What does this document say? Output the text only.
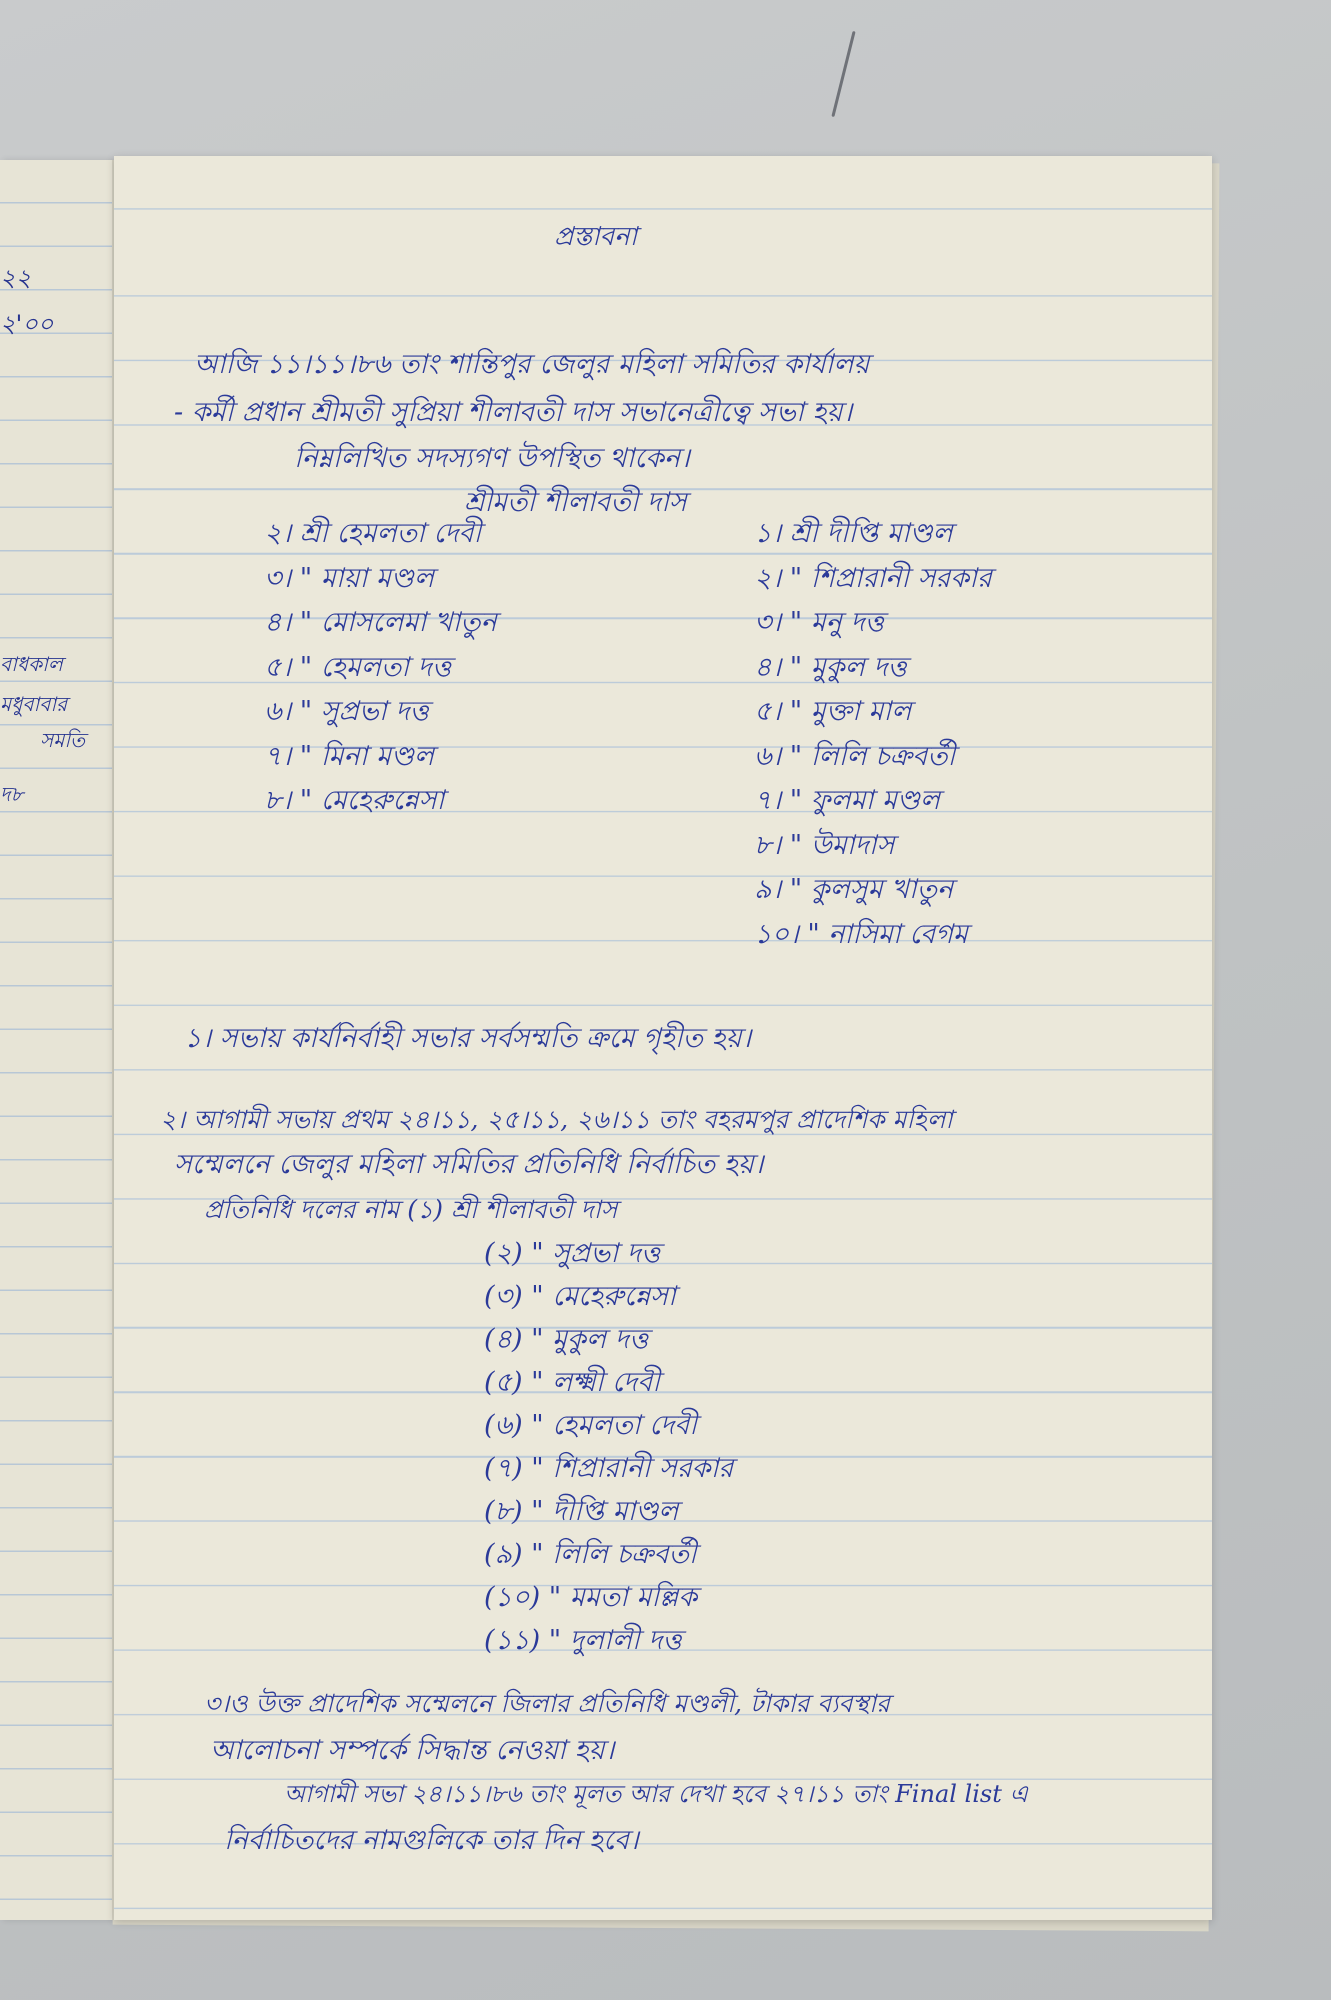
২২
২'০০
বাধকাল
মধুবাবার
সমতি
দ৮
প্রস্তাবনা
আজি ১১।১১।৮৬ তাং শান্তিপুর জেলুর মহিলা সমিতির কার্যালয়
- কর্মী প্রধান শ্রীমতী সুপ্রিয়া শীলাবতী দাস সভানেত্রীত্বে সভা হয়।
নিম্নলিখিত সদস্যগণ উপস্থিত থাকেন।
শ্রীমতী শীলাবতী দাস
২। শ্রী হেমলতা দেবী
৩। " মায়া মণ্ডল
৪। " মোসলেমা খাতুন
৫। " হেমলতা দত্ত
৬। " সুপ্রভা দত্ত
৭। " মিনা মণ্ডল
৮। " মেহেরুন্নেসা
১। শ্রী দীপ্তি মাণ্ডল
২। " শিপ্রারানী সরকার
৩। " মনু দত্ত
৪। " মুকুল দত্ত
৫। " মুক্তা মাল
৬। " লিলি চক্রবর্তী
৭। " ফুলমা মণ্ডল
৮। " উমাদাস
৯। " কুলসুম খাতুন
১০। " নাসিমা বেগম
১। সভায় কার্যনির্বাহী সভার সর্বসম্মতি ক্রমে গৃহীত হয়।
২। আগামী সভায় প্রথম ২৪।১১, ২৫।১১, ২৬।১১ তাং বহরমপুর প্রাদেশিক মহিলা
সম্মেলনে জেলুর মহিলা সমিতির প্রতিনিধি নির্বাচিত হয়।
প্রতিনিধি দলের নাম (১) শ্রী শীলাবতী দাস
(২) " সুপ্রভা দত্ত
(৩) " মেহেরুন্নেসা
(৪) " মুকুল দত্ত
(৫) " লক্ষ্মী দেবী
(৬) " হেমলতা দেবী
(৭) " শিপ্রারানী সরকার
(৮) " দীপ্তি মাণ্ডল
(৯) " লিলি চক্রবর্তী
(১০) " মমতা মল্লিক
(১১) " দুলালী দত্ত
৩।ও উক্ত প্রাদেশিক সম্মেলনে জিলার প্রতিনিধি মণ্ডলী, টাকার ব্যবস্থার
আলোচনা সম্পর্কে সিদ্ধান্ত নেওয়া হয়।
আগামী সভা ২৪।১১।৮৬ তাং মূলত আর দেখা হবে ২৭।১১ তাং Final list এ
নির্বাচিতদের নামগুলিকে তার দিন হবে।
